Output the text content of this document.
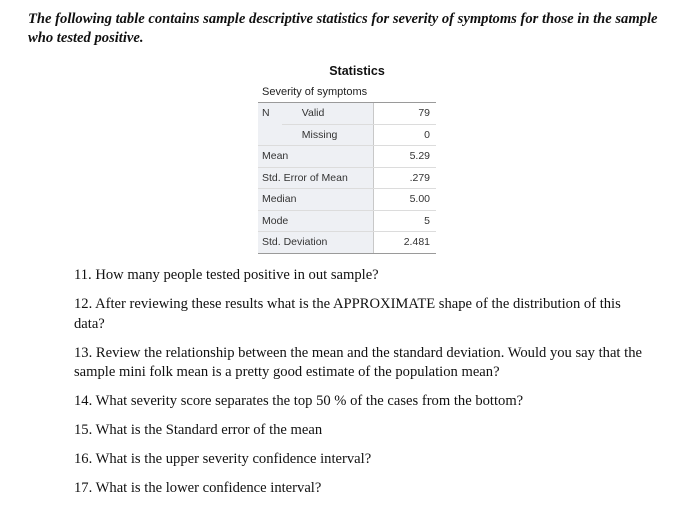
The following table contains sample descriptive statistics for severity of symptoms for those in the sample who tested positive.
Statistics
Severity of symptoms
N	Valid	79
	Missing	0
Mean		5.29
Std. Error of Mean		.279
Median		5.00
Mode		5
Std. Deviation		2.481

11. How many people tested positive in out sample?

12. After reviewing these results what is the APPROXIMATE shape of the distribution of this data?

13. Review the relationship between the mean and the standard deviation. Would you say that the sample mini folk mean is a pretty good estimate of the population mean?

14. What severity score separates the top 50 % of the cases from the bottom?

15. What is the Standard error of the mean

16. What is the upper severity confidence interval?

17. What is the lower confidence interval?
